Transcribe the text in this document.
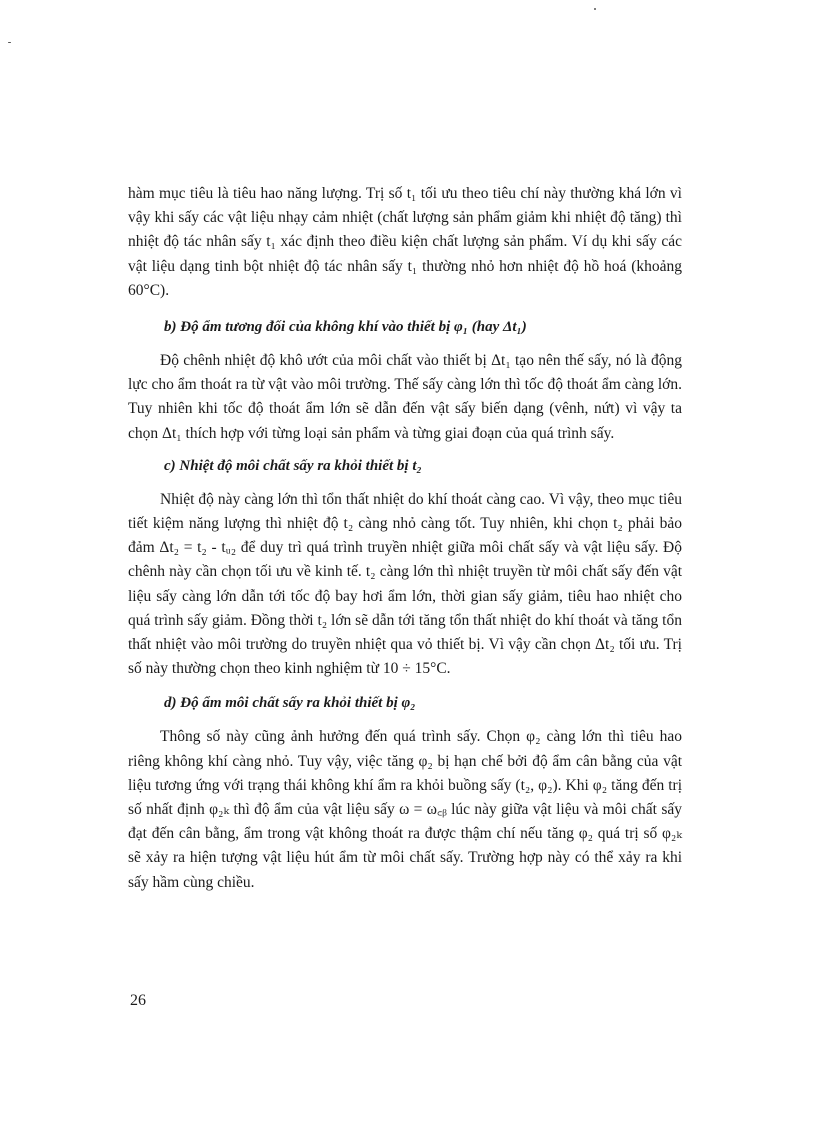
hàm mục tiêu là tiêu hao năng lượng. Trị số t₁ tối ưu theo tiêu chí này thường khá lớn vì vậy khi sấy các vật liệu nhạy cảm nhiệt (chất lượng sản phẩm giảm khi nhiệt độ tăng) thì nhiệt độ tác nhân sấy t₁ xác định theo điều kiện chất lượng sản phẩm. Ví dụ khi sấy các vật liệu dạng tinh bột nhiệt độ tác nhân sấy t₁ thường nhỏ hơn nhiệt độ hồ hoá (khoảng 60°C).

b) Độ ẩm tương đối của không khí vào thiết bị φ₁ (hay Δt₁)

Độ chênh nhiệt độ khô ướt của môi chất vào thiết bị Δt₁ tạo nên thế sấy, nó là động lực cho ẩm thoát ra từ vật vào môi trường. Thế sấy càng lớn thì tốc độ thoát ẩm càng lớn. Tuy nhiên khi tốc độ thoát ẩm lớn sẽ dẫn đến vật sấy biến dạng (vênh, nứt) vì vậy ta chọn Δt₁ thích hợp với từng loại sản phẩm và từng giai đoạn của quá trình sấy.

c) Nhiệt độ môi chất sấy ra khỏi thiết bị t₂

Nhiệt độ này càng lớn thì tổn thất nhiệt do khí thoát càng cao. Vì vậy, theo mục tiêu tiết kiệm năng lượng thì nhiệt độ t₂ càng nhỏ càng tốt. Tuy nhiên, khi chọn t₂ phải bảo đảm Δt₂ = t₂ - tᵤ₂ để duy trì quá trình truyền nhiệt giữa môi chất sấy và vật liệu sấy. Độ chênh này cần chọn tối ưu về kinh tế. t₂ càng lớn thì nhiệt truyền từ môi chất sấy đến vật liệu sấy càng lớn dẫn tới tốc độ bay hơi ẩm lớn, thời gian sấy giảm, tiêu hao nhiệt cho quá trình sấy giảm. Đồng thời t₂ lớn sẽ dẫn tới tăng tổn thất nhiệt do khí thoát và tăng tổn thất nhiệt vào môi trường do truyền nhiệt qua vỏ thiết bị. Vì vậy cần chọn Δt₂ tối ưu. Trị số này thường chọn theo kinh nghiệm từ 10 ÷ 15°C.

d) Độ ẩm môi chất sấy ra khỏi thiết bị φ₂

Thông số này cũng ảnh hưởng đến quá trình sấy. Chọn φ₂ càng lớn thì tiêu hao riêng không khí càng nhỏ. Tuy vậy, việc tăng φ₂ bị hạn chế bởi độ ẩm cân bằng của vật liệu tương ứng với trạng thái không khí ẩm ra khỏi buồng sấy (t₂, φ₂). Khi φ₂ tăng đến trị số nhất định φ₂ₖ thì độ ẩm của vật liệu sấy ω = ω꜀ᵦ lúc này giữa vật liệu và môi chất sấy đạt đến cân bằng, ẩm trong vật không thoát ra được thậm chí nếu tăng φ₂ quá trị số φ₂ₖ sẽ xảy ra hiện tượng vật liệu hút ẩm từ môi chất sấy. Trường hợp này có thể xảy ra khi sấy hầm cùng chiều.

26
